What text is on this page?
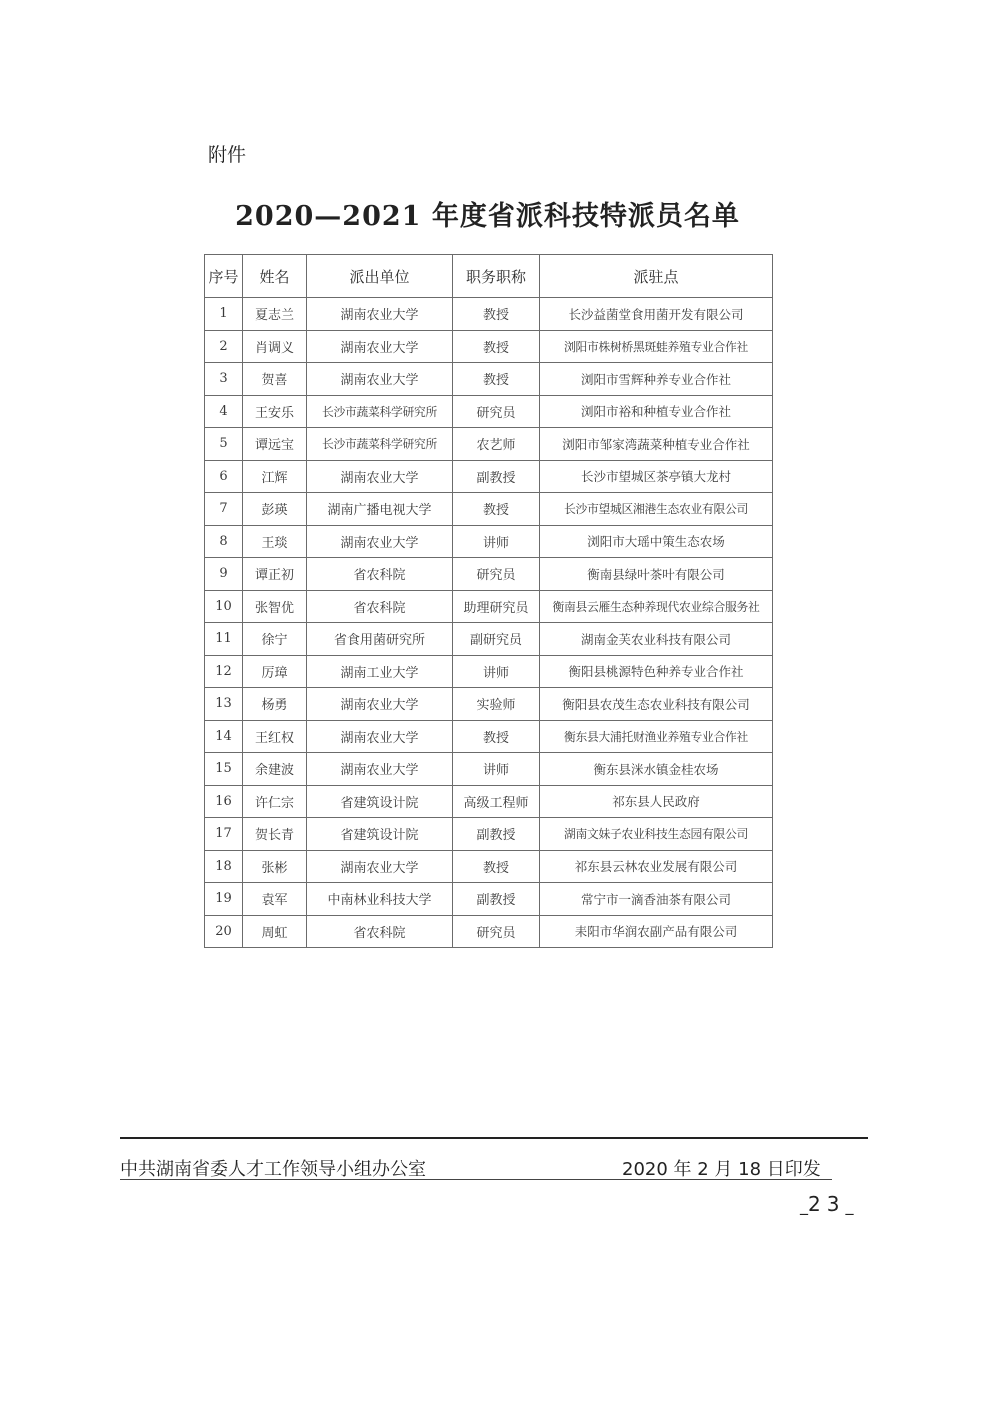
附件
2020—2021 年度省派科技特派员名单
序号	姓名	派出单位	职务职称	派驻点
1	夏志兰	湖南农业大学	教授	长沙益菌堂食用菌开发有限公司
2	肖调义	湖南农业大学	教授	浏阳市株树桥黑斑蛙养殖专业合作社
3	贺喜	湖南农业大学	教授	浏阳市雪辉种养专业合作社
4	王安乐	长沙市蔬菜科学研究所	研究员	浏阳市裕和种植专业合作社
5	谭远宝	长沙市蔬菜科学研究所	农艺师	浏阳市邹家湾蔬菜种植专业合作社
6	江辉	湖南农业大学	副教授	长沙市望城区茶亭镇大龙村
7	彭瑛	湖南广播电视大学	教授	长沙市望城区湘港生态农业有限公司
8	王琰	湖南农业大学	讲师	浏阳市大瑶中策生态农场
9	谭正初	省农科院	研究员	衡南县绿叶茶叶有限公司
10	张智优	省农科院	助理研究员	衡南县云雁生态种养现代农业综合服务社
11	徐宁	省食用菌研究所	副研究员	湖南金芙农业科技有限公司
12	厉璋	湖南工业大学	讲师	衡阳县桃源特色种养专业合作社
13	杨勇	湖南农业大学	实验师	衡阳县农茂生态农业科技有限公司
14	王红权	湖南农业大学	教授	衡东县大浦托财渔业养殖专业合作社
15	余建波	湖南农业大学	讲师	衡东县洣水镇金桂农场
16	许仁宗	省建筑设计院	高级工程师	祁东县人民政府
17	贺长青	省建筑设计院	副教授	湖南文妹子农业科技生态园有限公司
18	张彬	湖南农业大学	教授	祁东县云林农业发展有限公司
19	袁军	中南林业科技大学	副教授	常宁市一滴香油茶有限公司
20	周虹	省农科院	研究员	耒阳市华润农副产品有限公司
中共湖南省委人才工作领导小组办公室	2020 年 2 月 18 日印发
_23_
